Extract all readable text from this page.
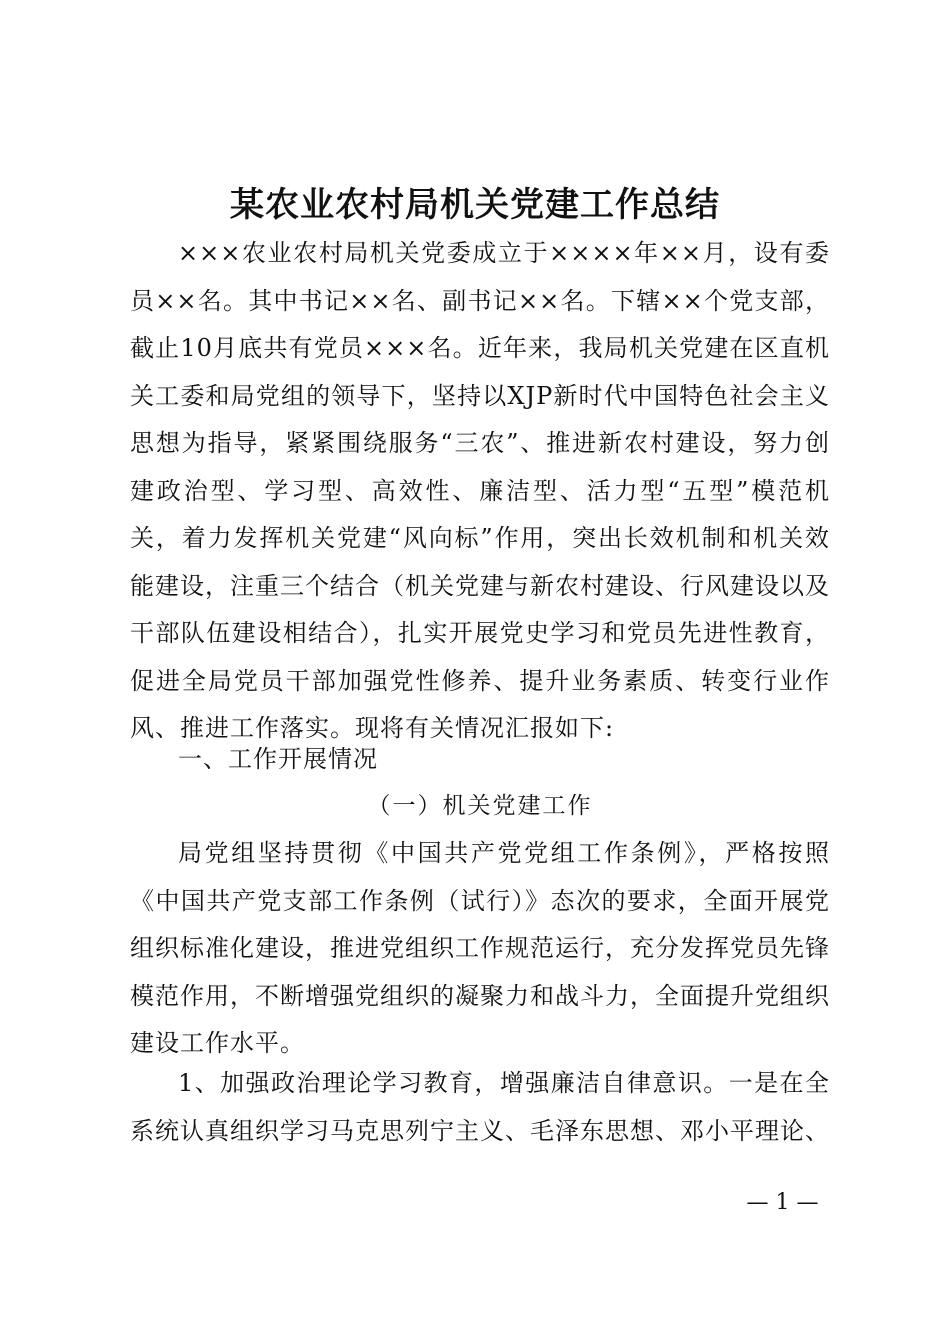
某农业农村局机关党建工作总结

×××农业农村局机关党委成立于××××年××月，设有委员××名。其中书记××名、副书记××名。下辖××个党支部，截止10月底共有党员×××名。近年来，我局机关党建在区直机关工委和局党组的领导下，坚持以XJP新时代中国特色社会主义思想为指导，紧紧围绕服务“三农”、推进新农村建设，努力创建政治型、学习型、高效性、廉洁型、活力型“五型”模范机关，着力发挥机关党建“风向标”作用，突出长效机制和机关效能建设，注重三个结合（机关党建与新农村建设、行风建设以及干部队伍建设相结合），扎实开展党史学习和党员先进性教育，促进全局党员干部加强党性修养、提升业务素质、转变行业作风、推进工作落实。现将有关情况汇报如下:

一、工作开展情况
（一）机关党建工作

局党组坚持贯彻《中国共产党党组工作条例》，严格按照《中国共产党支部工作条例（试行）》态次的要求，全面开展党组织标准化建设，推进党组织工作规范运行，充分发挥党员先锋模范作用，不断增强党组织的凝聚力和战斗力，全面提升党组织建设工作水平。

1、加强政治理论学习教育，增强廉洁自律意识。一是在全系统认真组织学习马克思列宁主义、毛泽东思想、邓小平理论、

— 1 —
